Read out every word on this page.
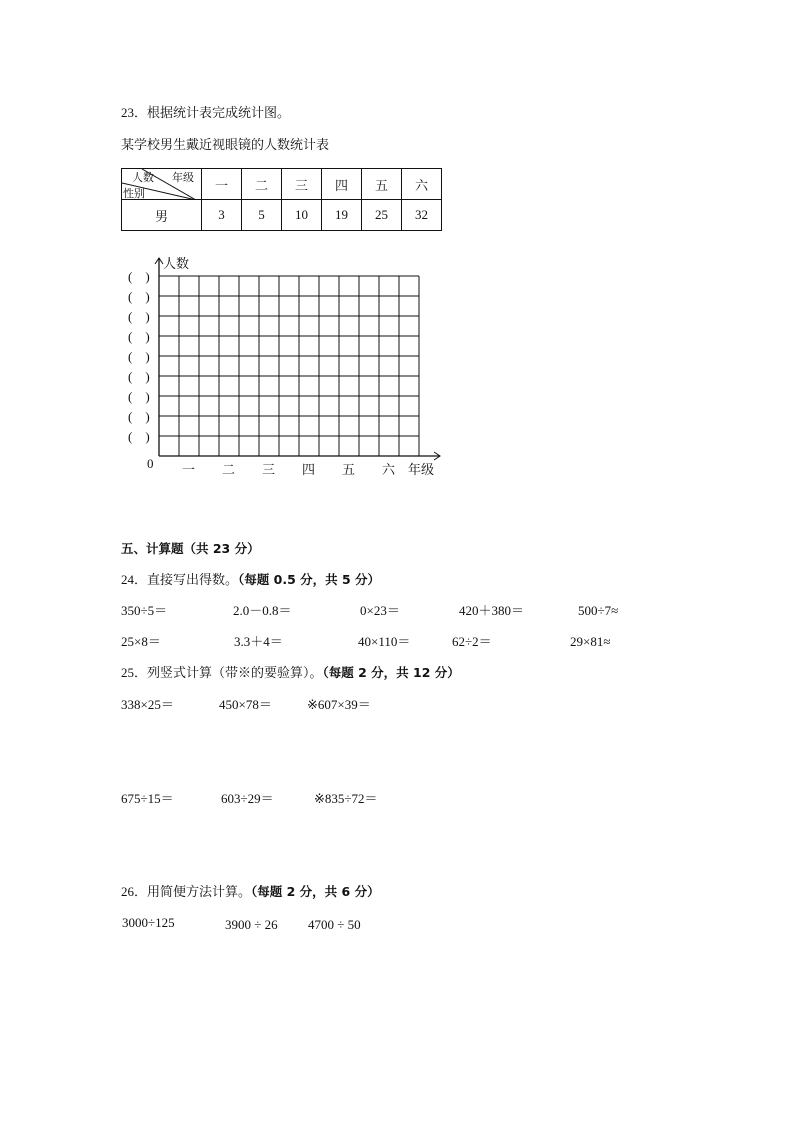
23．根据统计表完成统计图。
某学校男生戴近视眼镜的人数统计表
人数 年级
性别	一	二	三	四	五	六
男	3	5	10	19	25	32
人数
年级
0 一 二 三 四 五 六
(　)
(　)
(　)
(　)
(　)
(　)
(　)
(　)
(　)
五、计算题（共 23 分）
24．直接写出得数。（每题 0.5 分，共 5 分）
350÷5＝	2.0－0.8＝	0×23＝	420＋380＝	500÷7≈
25×8＝	3.3＋4＝	40×110＝	62÷2＝	29×81≈
25．列竖式计算（带※的要验算）。（每题 2 分，共 12 分）
338×25＝	450×78＝	※607×39＝
675÷15＝	603÷29＝	※835÷72＝
26．用简便方法计算。（每题 2 分，共 6 分）
3000÷125	3900 ÷ 26 4700 ÷ 50
